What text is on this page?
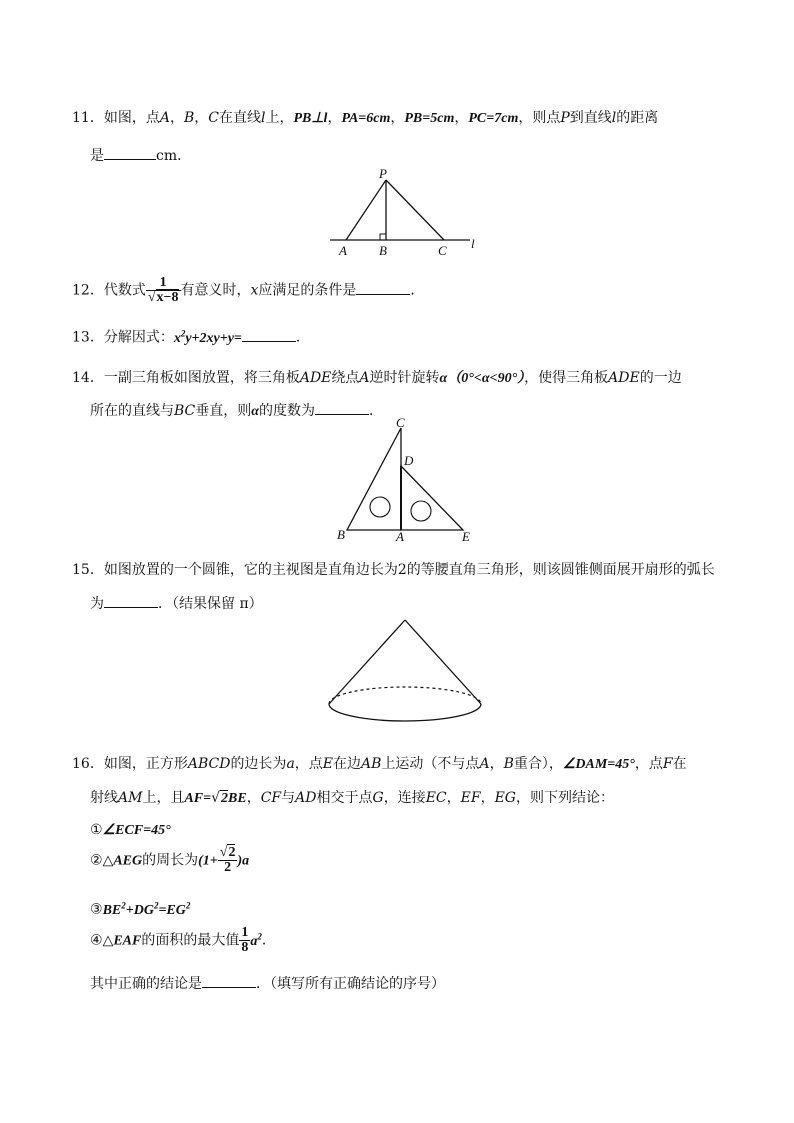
11．如图，点A，B，C在直线l上，PB⊥l，PA=6cm，PB=5cm，PC=7cm，则点P到直线l的距离
是	cm．
P
A B	C l
12．代数式 $\frac{1}{√x-8}$ 有意义时，x应满足的条件是	．
13．分解因式：$x^2y+2xy+y=$	．
14．一副三角板如图放置，将三角板ADE绕点A逆时针旋转α（0°<α<90°），使得三角板ADE的一边
所在的直线与BC垂直，则α的度数为	．
C
D
B	A	E
15．如图放置的一个圆锥，它的主视图是直角边长为2的等腰直角三角形，则该圆锥侧面展开扇形的弧长
为	．（结果保留 π）
16．如图，正方形ABCD的边长为a，点E在边AB上运动（不与点A，B重合），∠DAM=45°，点F在
射线AM上，且AF=√2BE，CF与AD相交于点G，连接EC，EF，EG，则下列结论：
①∠ECF=45°
②△AEG的周长为$(1+ \frac{√2}{2} )a$
$③BE^2+DG^2=EG^2$
④△EAF的面积的最大值 $\frac{1}{8} a^2$．
其中正确的结论是	．（填写所有正确结论的序号）
